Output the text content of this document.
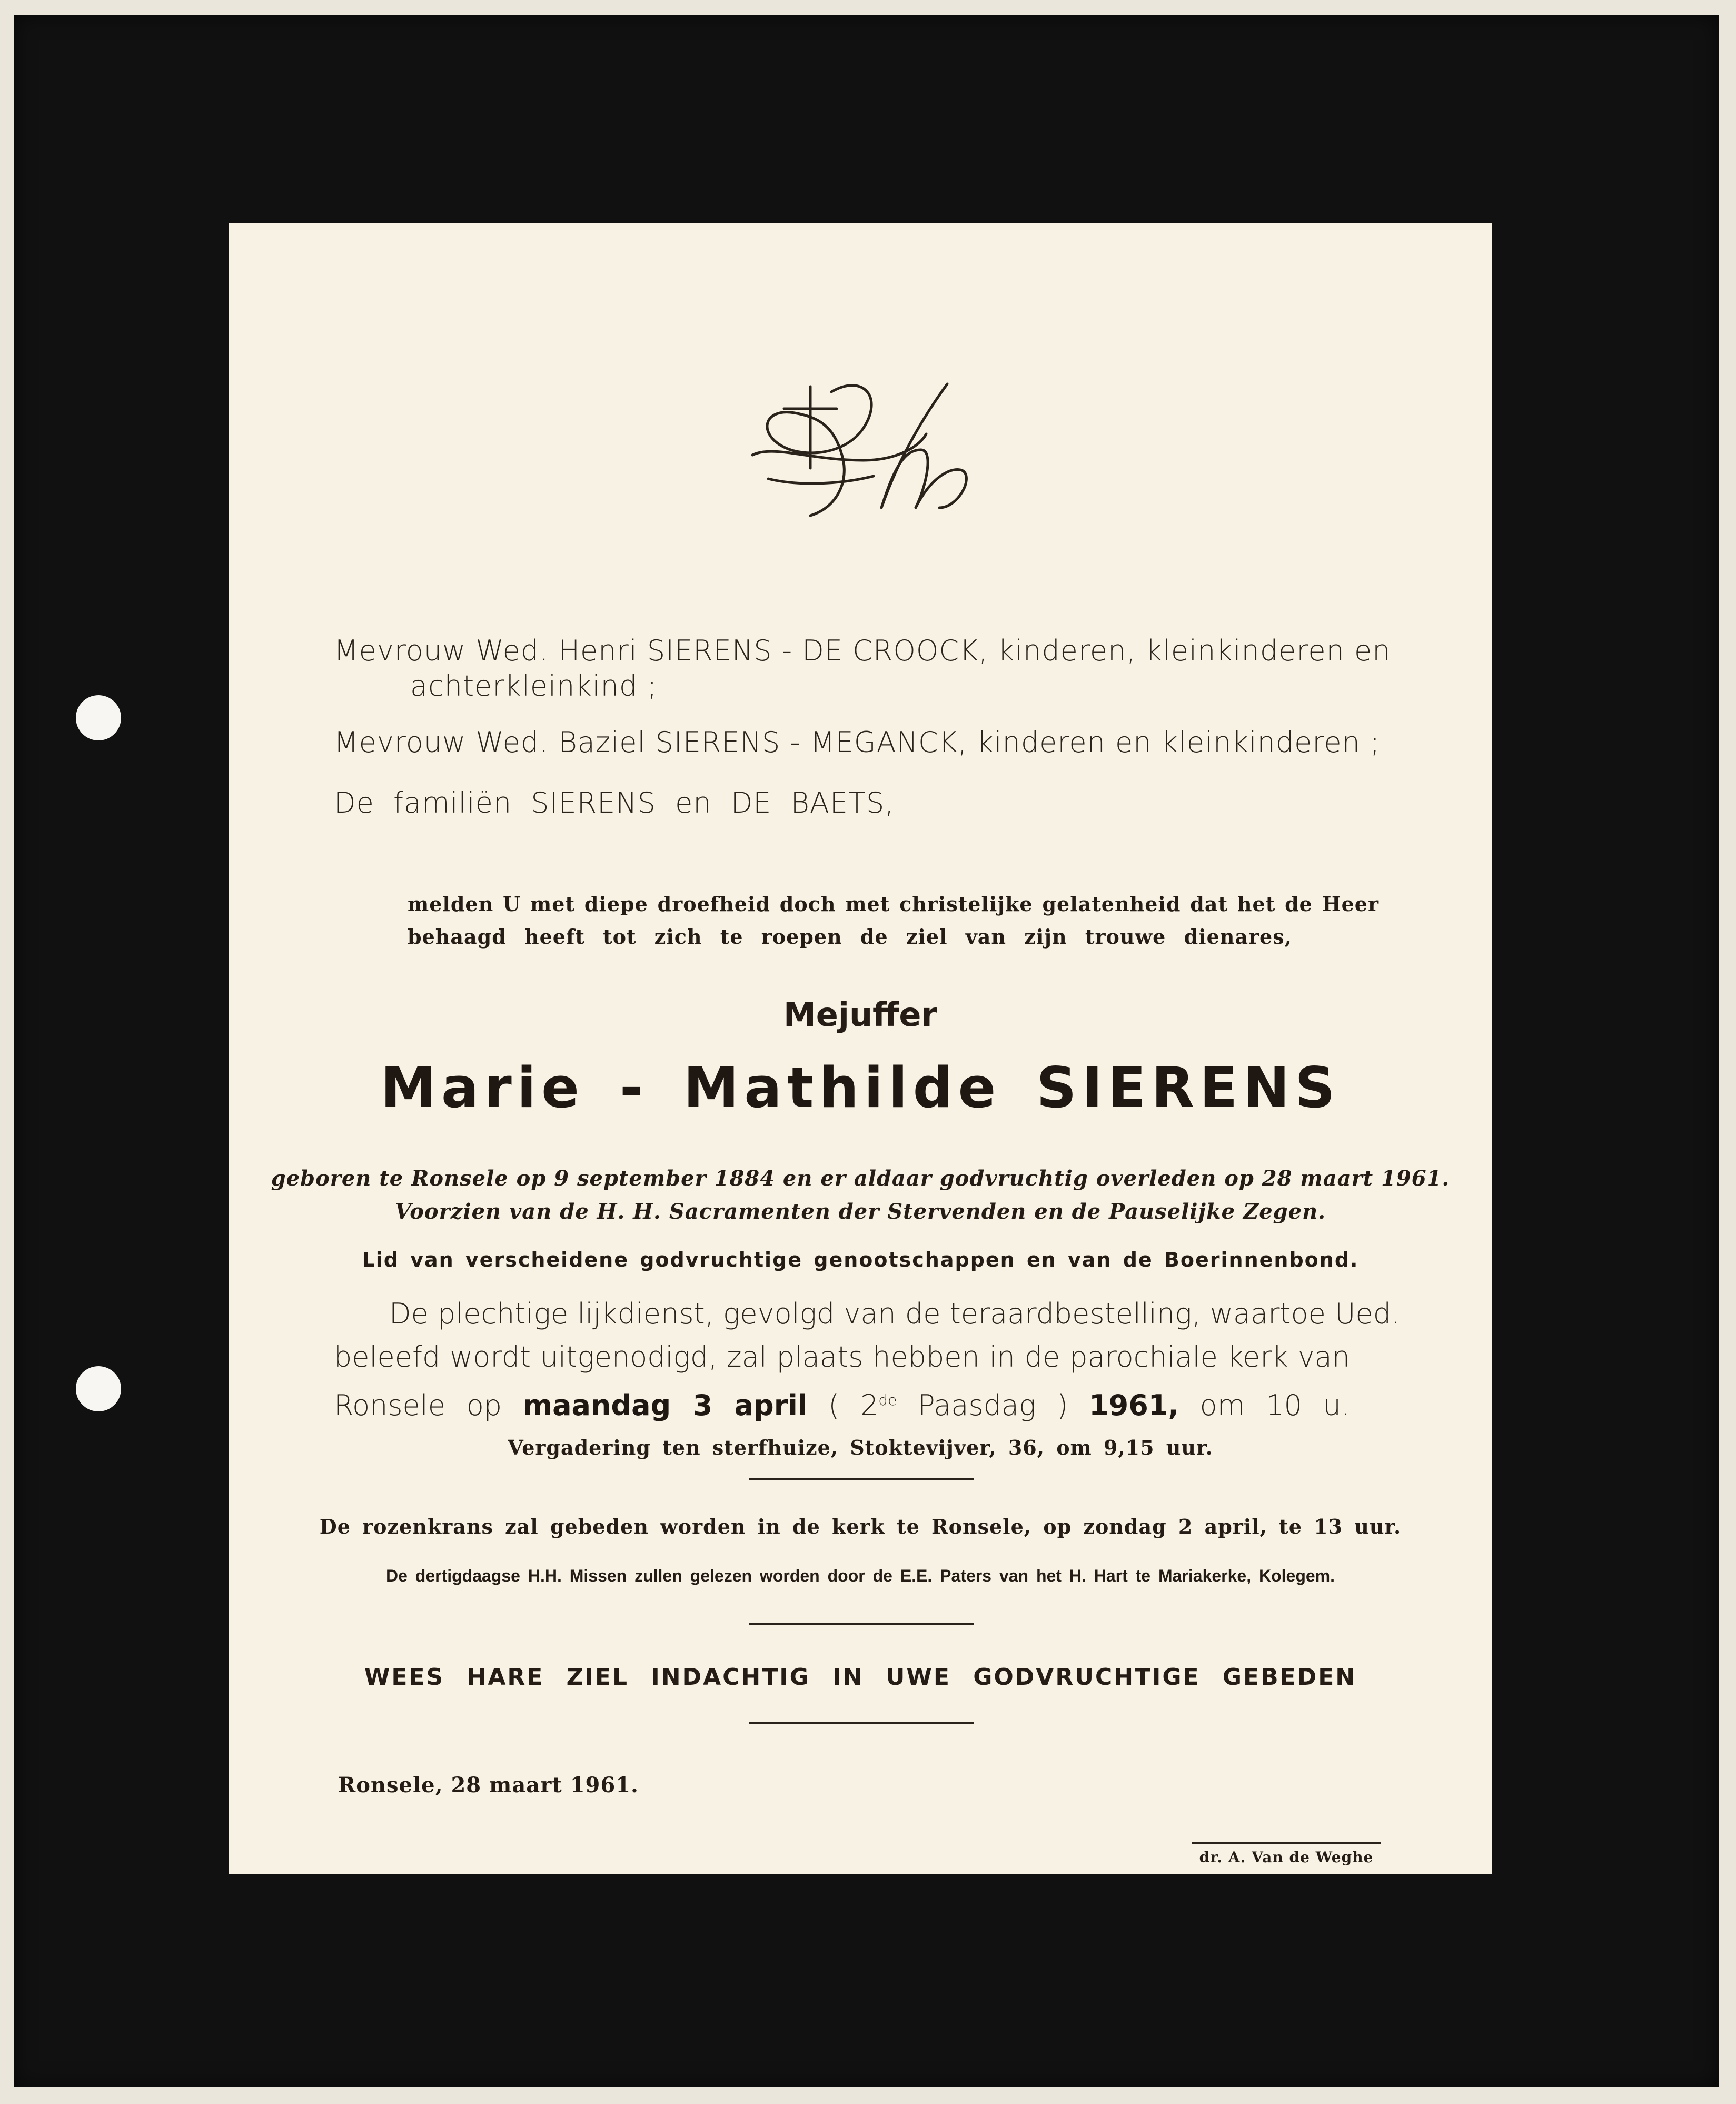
Mevrouw Wed. Henri SIERENS - DE CROOCK, kinderen, kleinkinderen en
achterkleinkind ;
Mevrouw Wed. Baziel SIERENS - MEGANCK, kinderen en kleinkinderen ;
De familiën SIERENS en DE BAETS,
melden U met diepe droefheid doch met christelijke gelatenheid dat het de Heer
behaagd heeft tot zich te roepen de ziel van zijn trouwe dienares,
Mejuffer
Marie - Mathilde SIERENS
geboren te Ronsele op 9 september 1884 en er aldaar godvruchtig overleden op 28 maart 1961.
Voorzien van de H. H. Sacramenten der Stervenden en de Pauselijke Zegen.
Lid van verscheidene godvruchtige genootschappen en van de Boerinnenbond.
De plechtige lijkdienst, gevolgd van de teraardbestelling, waartoe Ued.
beleefd wordt uitgenodigd, zal plaats hebben in de parochiale kerk van
Ronsele op maandag 3 april ( 2de Paasdag ) 1961, om 10 u.
Vergadering ten sterfhuize, Stoktevijver, 36, om 9,15 uur.
De rozenkrans zal gebeden worden in de kerk te Ronsele, op zondag 2 april, te 13 uur.
De dertigdaagse H.H. Missen zullen gelezen worden door de E.E. Paters van het H. Hart te Mariakerke, Kolegem.
WEES HARE ZIEL INDACHTIG IN UWE GODVRUCHTIGE GEBEDEN
Ronsele, 28 maart 1961.
dr. A. Van de Weghe
